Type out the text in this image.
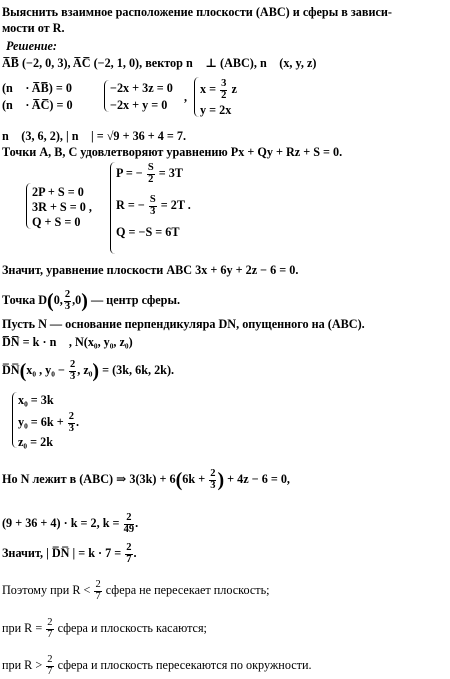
Выяснить взаимное расположение плоскости (ABC) и сферы в зависи-
мости от R.
Решение:
A̅B̅ (−2, 0, 3), A̅C̅ (−2, 1, 0), вектор n⃗ ⊥ (ABC), n⃗ (x, y, z)
(n⃗ · A̅B̅) = 0
(n⃗ · A̅C̅) = 0
−2x + 3z = 0
−2x + y = 0
,
$x = \frac{3}{2}$ z
y = 2x
n⃗ (3, 6, 2), | n⃗ | = √9 + 36 + 4 = 7.
Точки A, B, C удовлетворяют уравнению Px + Qy + Rz + S = 0.
2P + S = 0
3R + S = 0 ,
Q + S = 0
P = − $\frac{S}{2} = 3T$
R = − $\frac{S}{3} = 2T$ .
Q = −S = 6T
Значит, уравнение плоскости ABC 3x + 6y + 2z − 6 = 0.
Точка D(0, $\frac{2}{3} ,0$) — центр сферы.
Пусть N — основание перпендикуляра DN, опущенного на (ABC).
D̅N̅ = k · n⃗ , N(x₀, y₀, z₀)
D̅N̅(x₀ , $y_0 - \frac{2}{3}$ , z₀) = (3k, 6k, 2k).
x₀ = 3k
$y_0 = 6k + \frac{2}{3}$ .
z₀ = 2k
Но N лежит в (ABC) ⇒ $3(3k) + 6(6k + \frac{2}{3}$ ) + 4z − 6 = 0,
(9 + 36 + 4) · k = 2, $k = \frac{2}{49}$ .
Значит, | D̅N̅ | = $k \cdot 7 = \frac{2}{7}$ .
Поэтому при $R < \frac{2}{7}$ сфера не пересекает плоскость;
при $R = \frac{2}{7}$ сфера и плоскость касаются;
при $R > \frac{2}{7}$ сфера и плоскость пересекаются по окружности.
